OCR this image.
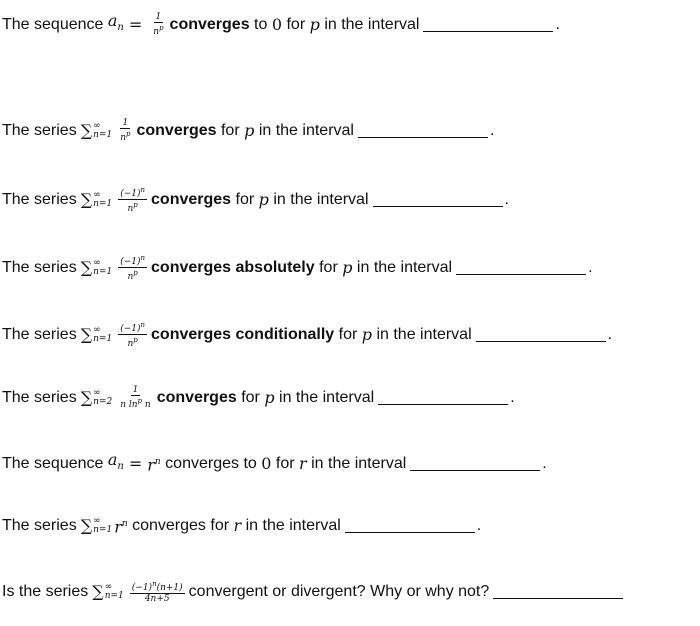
The sequence
$a_n = \frac{1}{n^p}$ converges
to
0
for
p
in the interval	.
The series ∑ ∞
$n=1 \frac{1}{n^p}$ converges
for
p
in the interval	.
The series ∑ ∞
$n=1 \frac{(-1)^n}{n^p}$ converges
for
p
in the interval	.
The series ∑ ∞
$n=1 \frac{(-1)^n}{n^p}$ converges absolutely
for
p
in the interval	.
The series ∑ ∞
$n=1 \frac{(-1)^n}{n^p}$ converges conditionally
for
p
in the interval	.
The series ∑ ∞
$n=2 \frac{1}{n \ln^p n}$ converges
for
p
in the interval	.
The sequence
$a_n = r^n$
converges to
0
for
r
in the interval	.
The series ∑ ∞
n=1 $r^n$
converges for
r
in the interval	.
Is the series ∑ ∞
$n=1 \frac{(-1)^n(n+1)}{4n+5}$ convergent or divergent? Why or why not?
